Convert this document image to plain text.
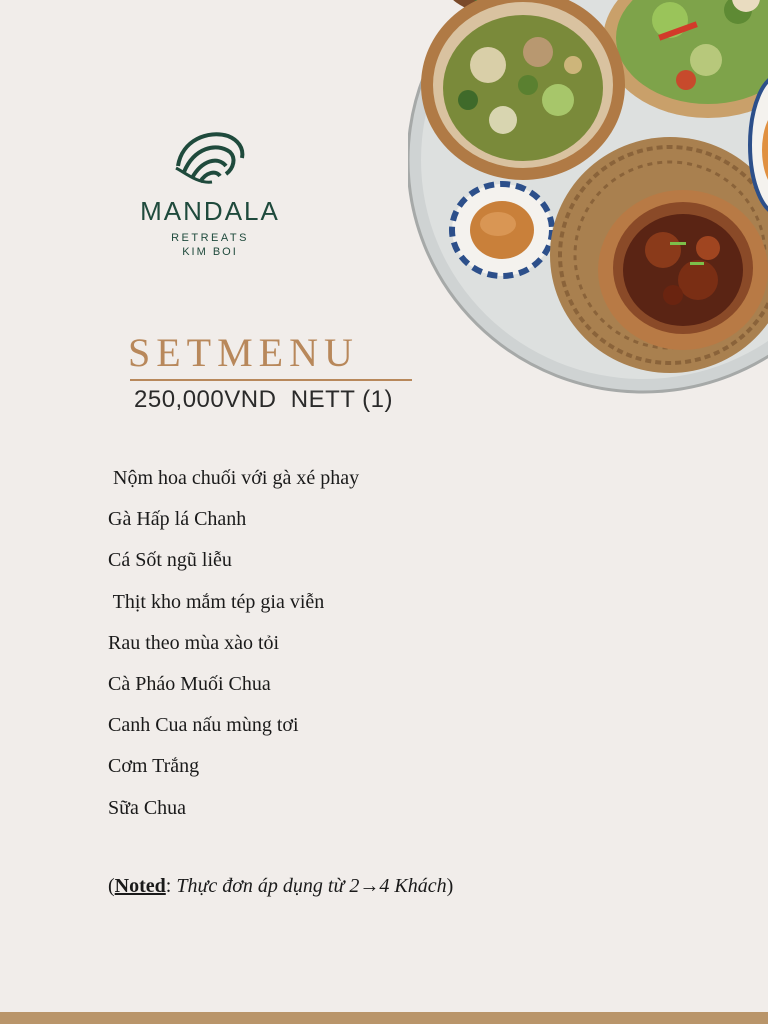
MANDALA
RETREATS
KIM BOI
SETMENU
250,000VND  NETT (1)
Nộm hoa chuối với gà xé phay
Gà Hấp lá Chanh
Cá Sốt ngũ liễu
Thịt kho mắm tép gia viễn
Rau theo mùa xào tỏi
Cà Pháo Muối Chua
Canh Cua nấu mùng tơi
Cơm Trắng
Sữa Chua
(Noted: Thực đơn áp dụng từ 2→4 Khách)
